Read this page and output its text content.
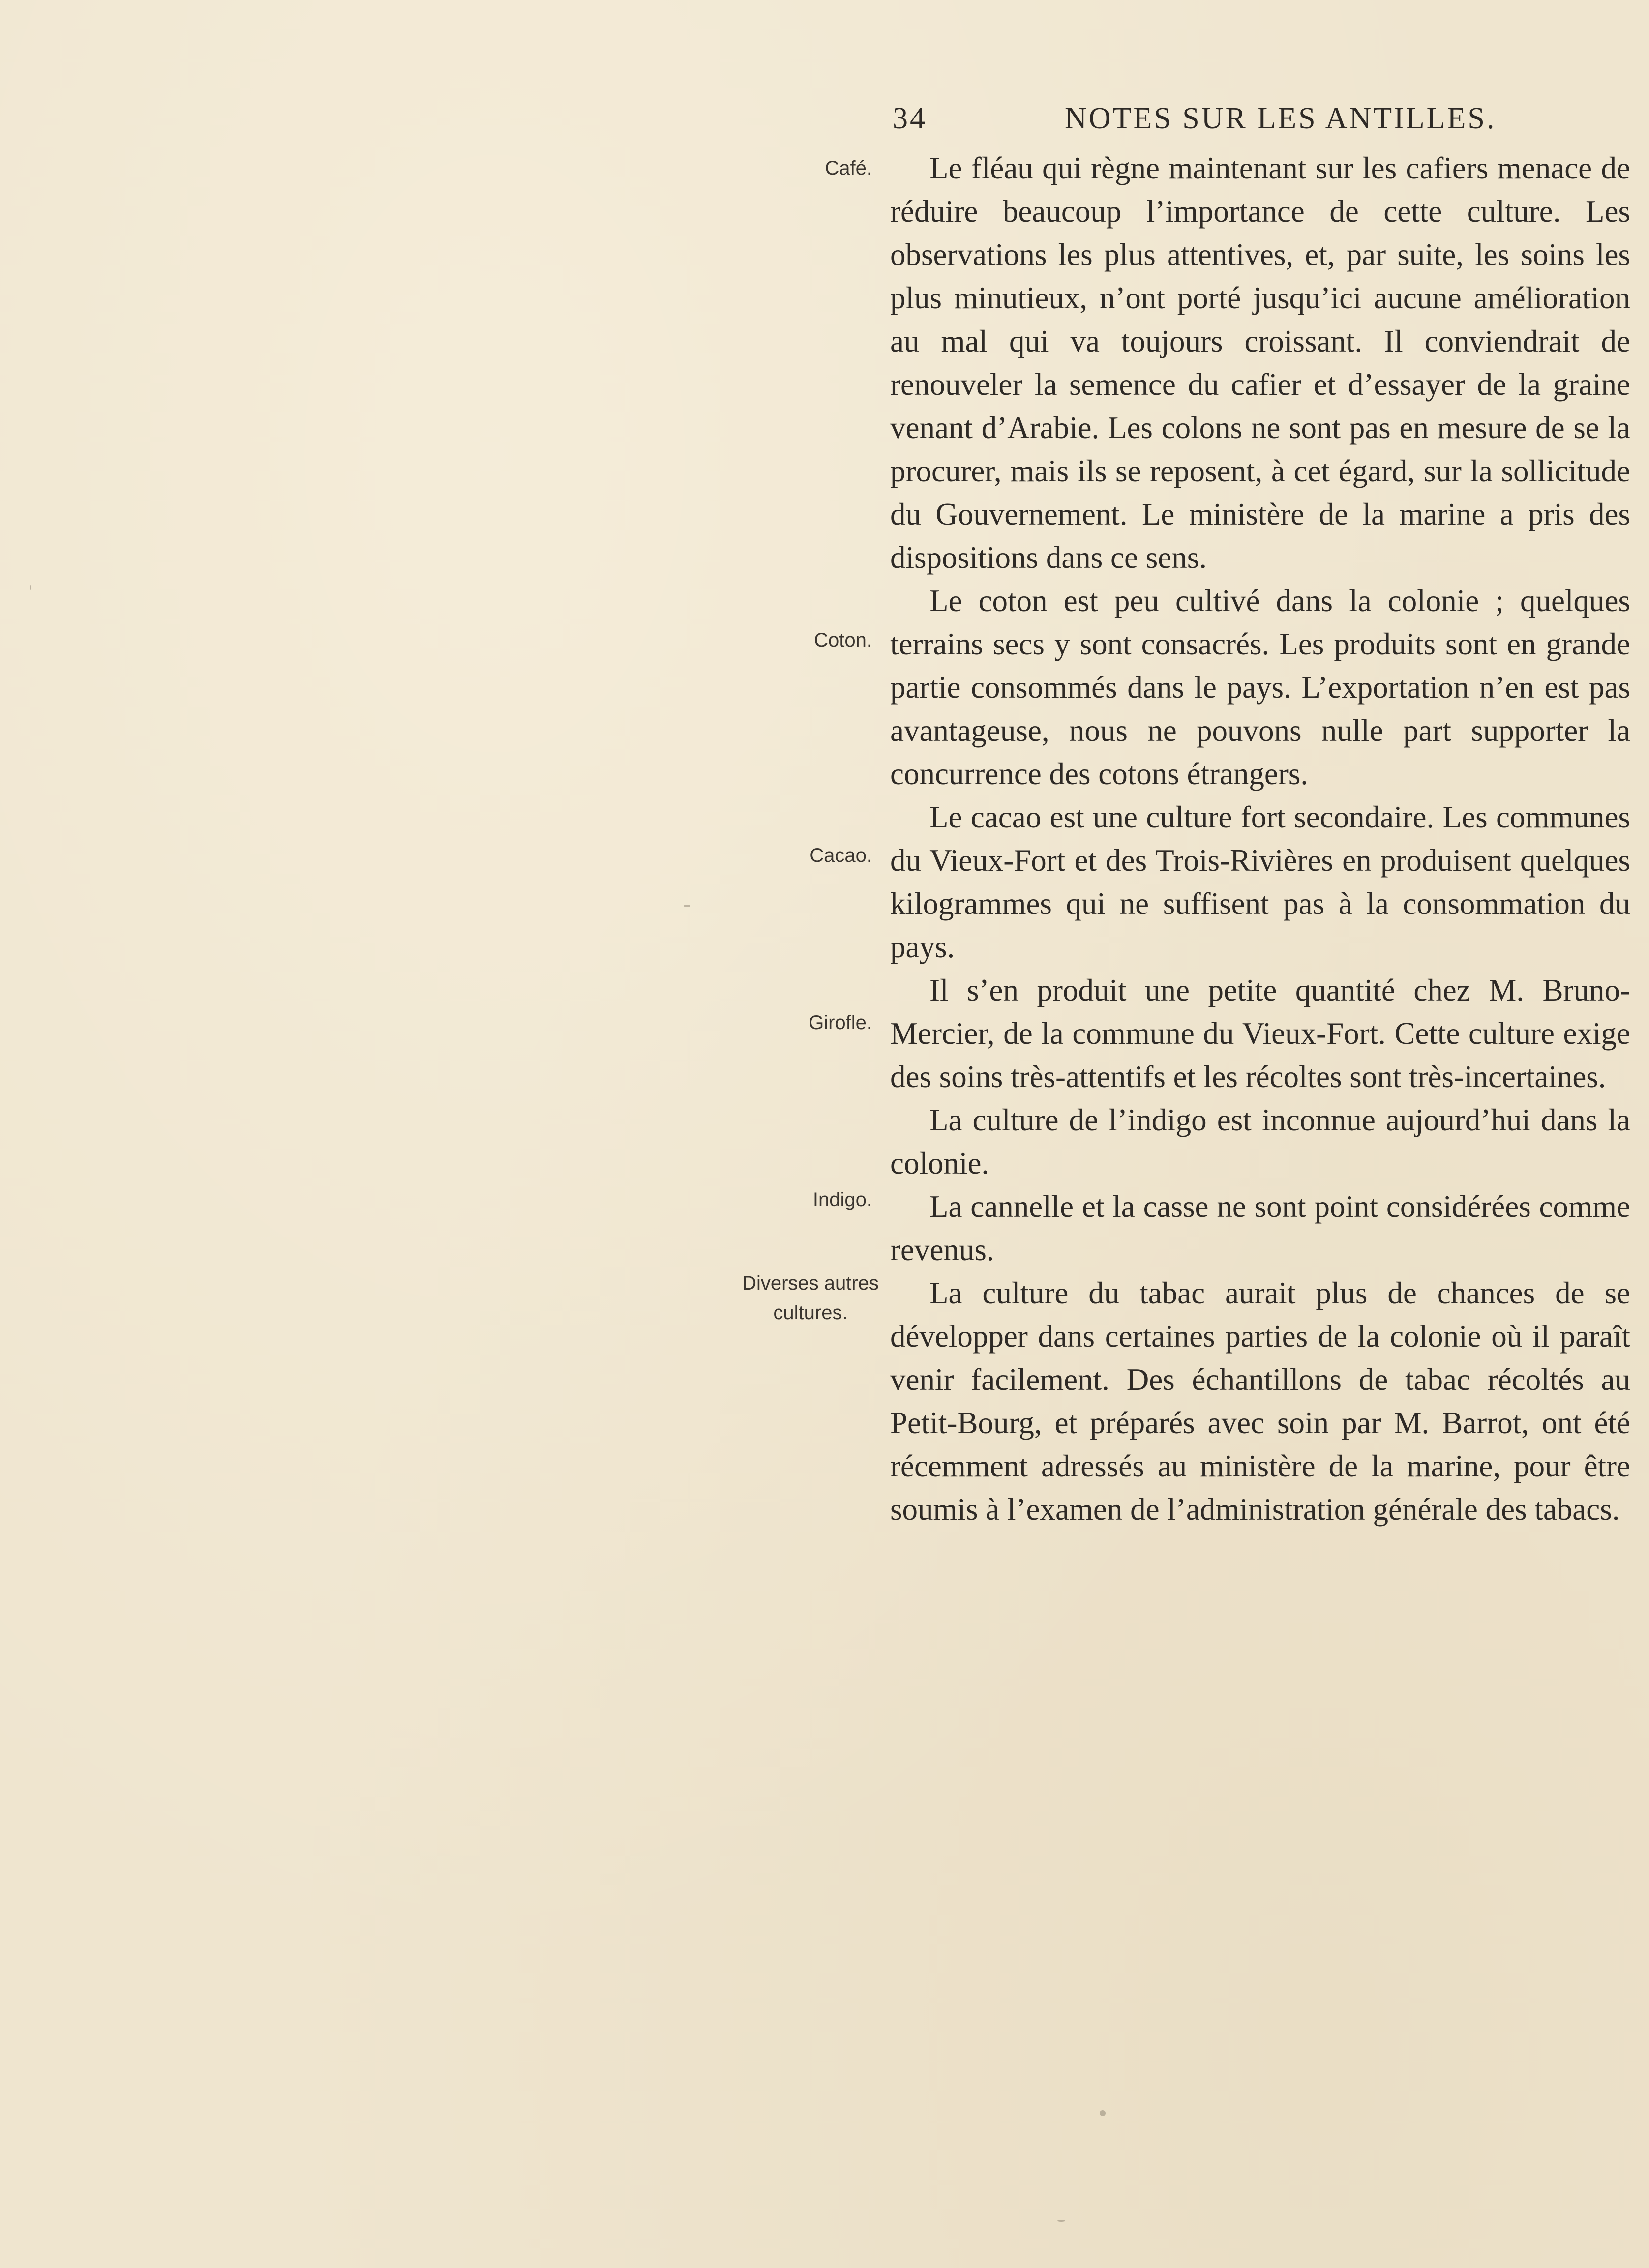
34	NOTES SUR LES ANTILLES.
Café.
Coton.
Cacao.
Girofle.
Indigo.
Diverses autres
cultures.

Le fléau qui règne maintenant sur les cafiers menace de réduire beaucoup l’importance de cette culture. Les observations les plus attentives, et, par suite, les soins les plus minutieux, n’ont porté jusqu’ici aucune amélioration au mal qui va toujours croissant. Il conviendrait de renouveler la semence du cafier et d’essayer de la graine venant d’Arabie. Les colons ne sont pas en mesure de se la procurer, mais ils se reposent, à cet égard, sur la sollicitude du Gouvernement. Le ministère de la marine a pris des dispositions dans ce sens.

Le coton est peu cultivé dans la colonie ; quelques terrains secs y sont consacrés. Les produits sont en grande partie consommés dans le pays. L’exportation n’en est pas avantageuse, nous ne pouvons nulle part supporter la concurrence des cotons étrangers.

Le cacao est une culture fort secondaire. Les communes du Vieux-Fort et des Trois-Rivières en produisent quelques kilogrammes qui ne suffisent pas à la consommation du pays.

Il s’en produit une petite quantité chez M. Bruno-Mercier, de la commune du Vieux-Fort. Cette culture exige des soins très-attentifs et les récoltes sont très-incertaines.

La culture de l’indigo est inconnue aujourd’hui dans la colonie.

La cannelle et la casse ne sont point considérées comme revenus.

La culture du tabac aurait plus de chances de se développer dans certaines parties de la colonie où il paraît venir facilement. Des échantillons de tabac récoltés au Petit-Bourg, et préparés avec soin par M. Barrot, ont été récemment adressés au ministère de la marine, pour être soumis à l’examen de l’administration générale des tabacs.
